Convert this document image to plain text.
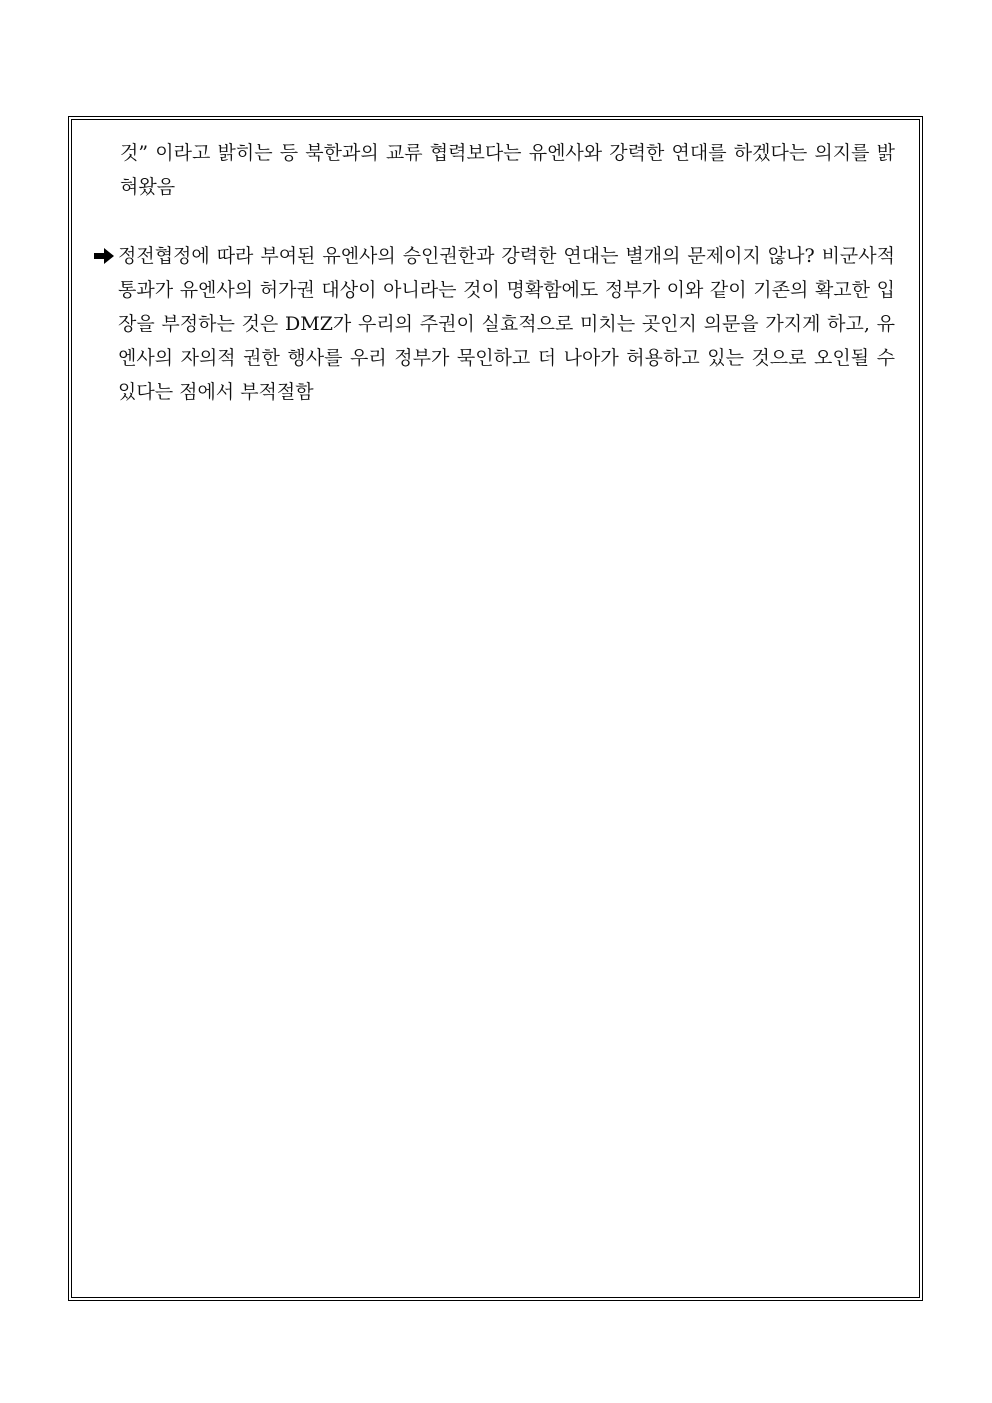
것” 이라고 밝히는 등 북한과의 교류 협력보다는 유엔사와 강력한 연대를 하겠다는 의지를 밝혀왔음

정전협정에 따라 부여된 유엔사의 승인권한과 강력한 연대는 별개의 문제이지 않나? 비군사적 통과가 유엔사의 허가권 대상이 아니라는 것이 명확함에도 정부가 이와 같이 기존의 확고한 입장을 부정하는 것은 DMZ가 우리의 주권이 실효적으로 미치는 곳인지 의문을 가지게 하고, 유엔사의 자의적 권한 행사를 우리 정부가 묵인하고 더 나아가 허용하고 있는 것으로 오인될 수 있다는 점에서 부적절함
